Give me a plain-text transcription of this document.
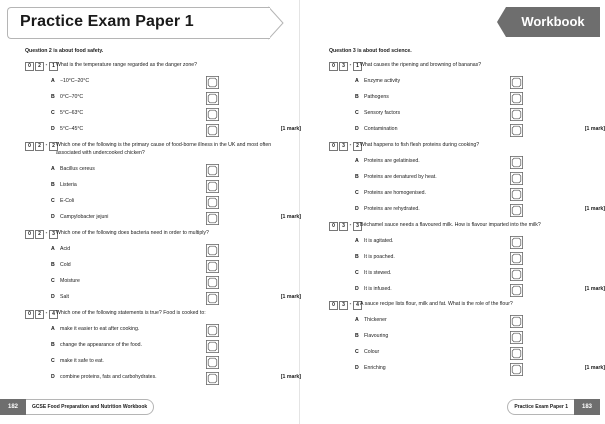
Practice Exam Paper 1
Question 2 is about food safety.
0	2 - 1 What is the temperature range regarded as the danger zone?
A −10°C–20°C
B 0°C–70°C
C 5°C–63°C
D 5°C–45°C	[1 mark]
0	2 - 2 Which one of the following is the primary cause of food-borne illness in the UK and most often associated with undercooked chicken?
A Bacillus cereus
B Listeria
C E-Coli
D Campylobacter jejuni	[1 mark]
0	2 - 3 Which one of the following does bacteria need in order to multiply?
A Acid
B Cold
C Moisture
D Salt	[1 mark]
0	2 - 4 Which one of the following statements is true? Food is cooked to:
A make it easier to eat after cooking.
B change the appearance of the food.
C make it safe to eat.
D combine proteins, fats and carbohydrates.	[1 mark]
Question 3 is about food science.
0	3 - 1 What causes the ripening and browning of bananas?
A Enzyme activity
B Pathogens
C Sensory factors
D Contamination	[1 mark]
0	3 - 2 What happens to fish flesh proteins during cooking?
A Proteins are gelatinised.
B Proteins are denatured by heat.
C Proteins are homogenised.
D Proteins are rehydrated.	[1 mark]
0	3 - 3 Béchamel sauce needs a flavoured milk. How is flavour imparted into the milk?
A It is agitated.
B It is poached.
C It is stewed.
D It is infused.	[1 mark]
0	3 - 4 A sauce recipe lists flour, milk and fat. What is the role of the flour?
A Thickener
B Flavouring
C Colour
D Enriching	[1 mark]
Workbook
182	GCSE Food Preparation and Nutrition Workbook	Practice Exam Paper 1	183
